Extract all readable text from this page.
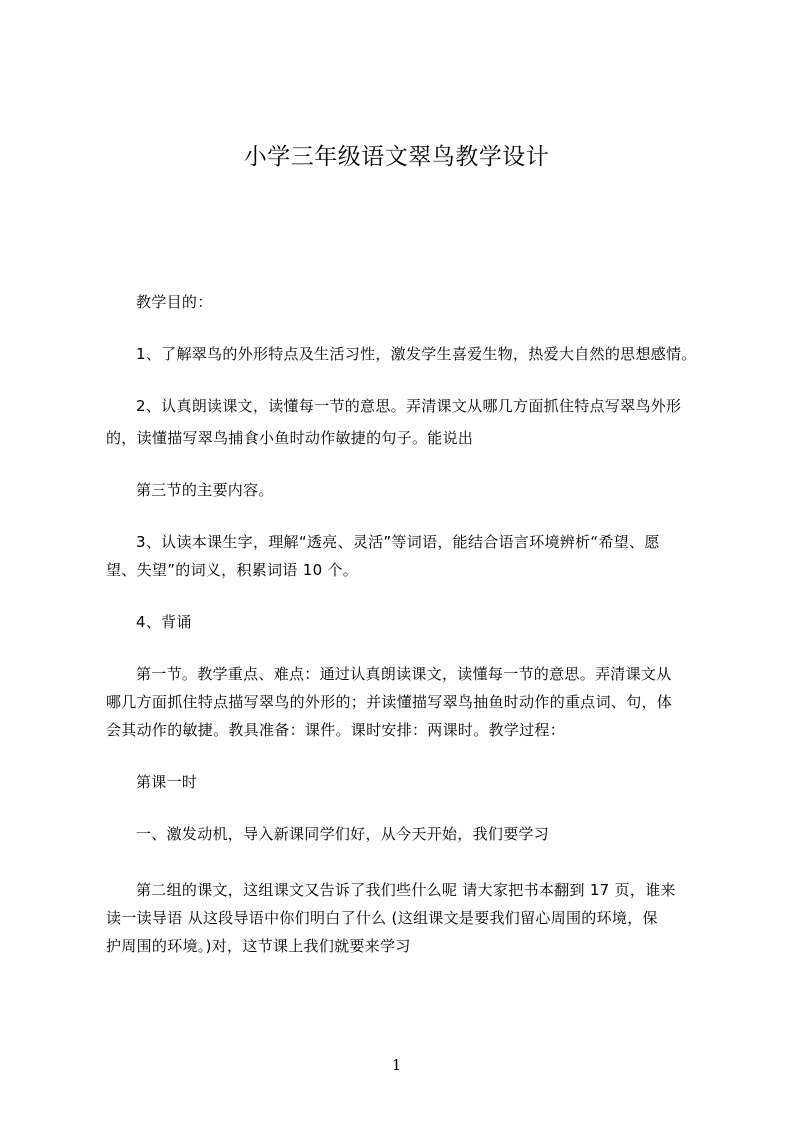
小学三年级语文翠鸟教学设计
教学目的：
1、了解翠鸟的外形特点及生活习性，激发学生喜爱生物，热爱大自然的思想感情。
2、认真朗读课文，读懂每一节的意思。弄清课文从哪几方面抓住特点写翠鸟外形
的，读懂描写翠鸟捕食小鱼时动作敏捷的句子。能说出
第三节的主要内容。
3、认读本课生字，理解“透亮、灵活”等词语，能结合语言环境辨析“希望、愿
望、失望”的词义，积累词语 10 个。
4、背诵
第一节。教学重点、难点：通过认真朗读课文，读懂每一节的意思。弄清课文从
哪几方面抓住特点描写翠鸟的外形的；并读懂描写翠鸟抽鱼时动作的重点词、句，体
会其动作的敏捷。教具准备：课件。课时安排：两课时。教学过程：
第课一时
一、激发动机，导入新课同学们好，从今天开始，我们要学习
第二组的课文，这组课文又告诉了我们些什么呢 请大家把书本翻到 17 页，谁来
读一读导语 从这段导语中你们明白了什么 (这组课文是要我们留心周围的环境，保
护周围的环境。)对，这节课上我们就要来学习
1
